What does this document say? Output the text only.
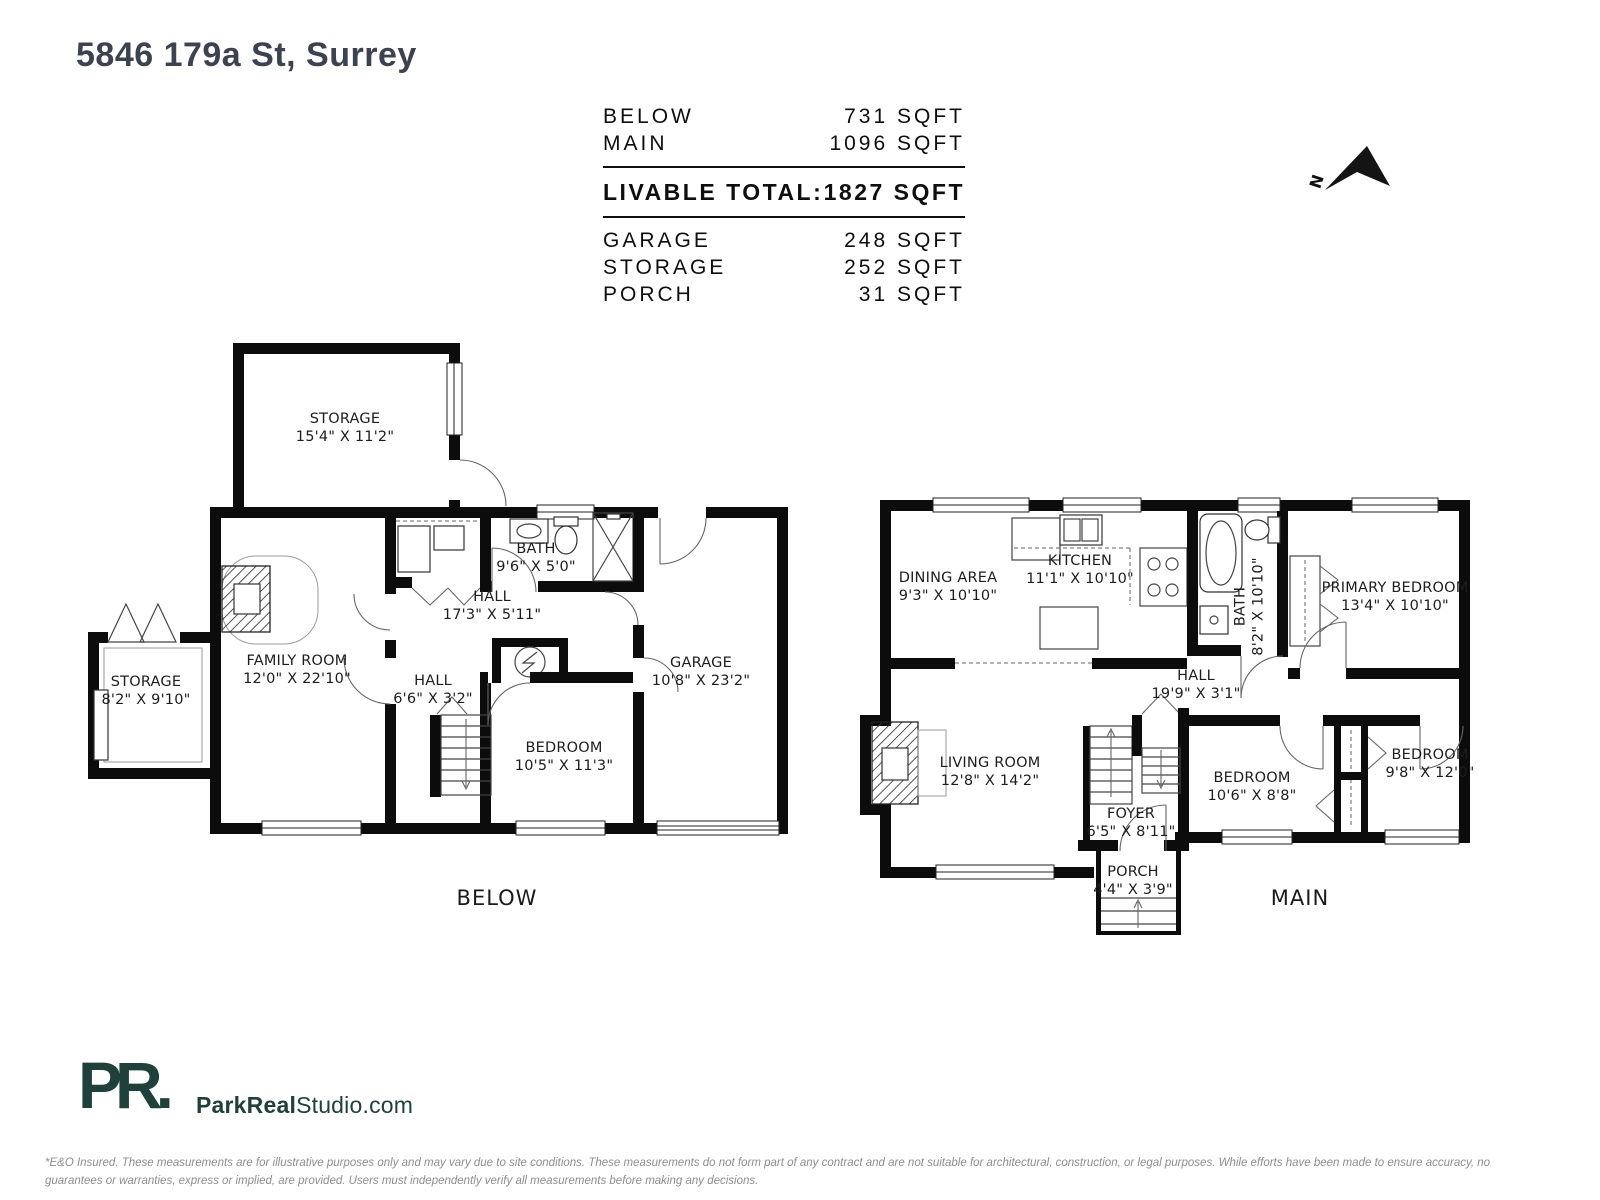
5846 179a St, Surrey
BELOW	731 SQFT
MAIN	1096 SQFT
LIVABLE TOTAL: 1827 SQFT
GARAGE	248 SQFT
STORAGE	252 SQFT
PORCH	31 SQFT
N
STORAGE
15'4" X 11'2"
BATH
9'6" X 5'0"
HALL
17'3" X 5'11"
FAMILY ROOM
12'0" X 22'10"
STORAGE
8'2" X 9'10"
HALL
6'6" X 3'2"
BEDROOM
10'5" X 11'3"
GARAGE
10'8" X 23'2"
DINING AREA
9'3" X 10'10"
KITCHEN
11'1" X 10'10"
BATH 8'2" X 10'10"	PRIMARY BEDROOM
13'4" X 10'10"
HALL
19'9" X 3'1"
LIVING ROOM
12'8" X 14'2"	BEDROOM
10'6" X 8'8"
BEDROOM
9'8" X 12'0"
FOYER
6'5" X 8'11"
PORCH
4'4" X 3'9"
BELOW	MAIN
PR. ParkRealStudio.com
*E&O Insured. These measurements are for illustrative purposes only and may vary due to site conditions. These measurements do not form part of any contract and are not suitable for architectural, construction, or legal purposes. While efforts have been made to ensure accuracy, no guarantees or warranties, express or implied, are provided. Users must independently verify all measurements before making any decisions.
